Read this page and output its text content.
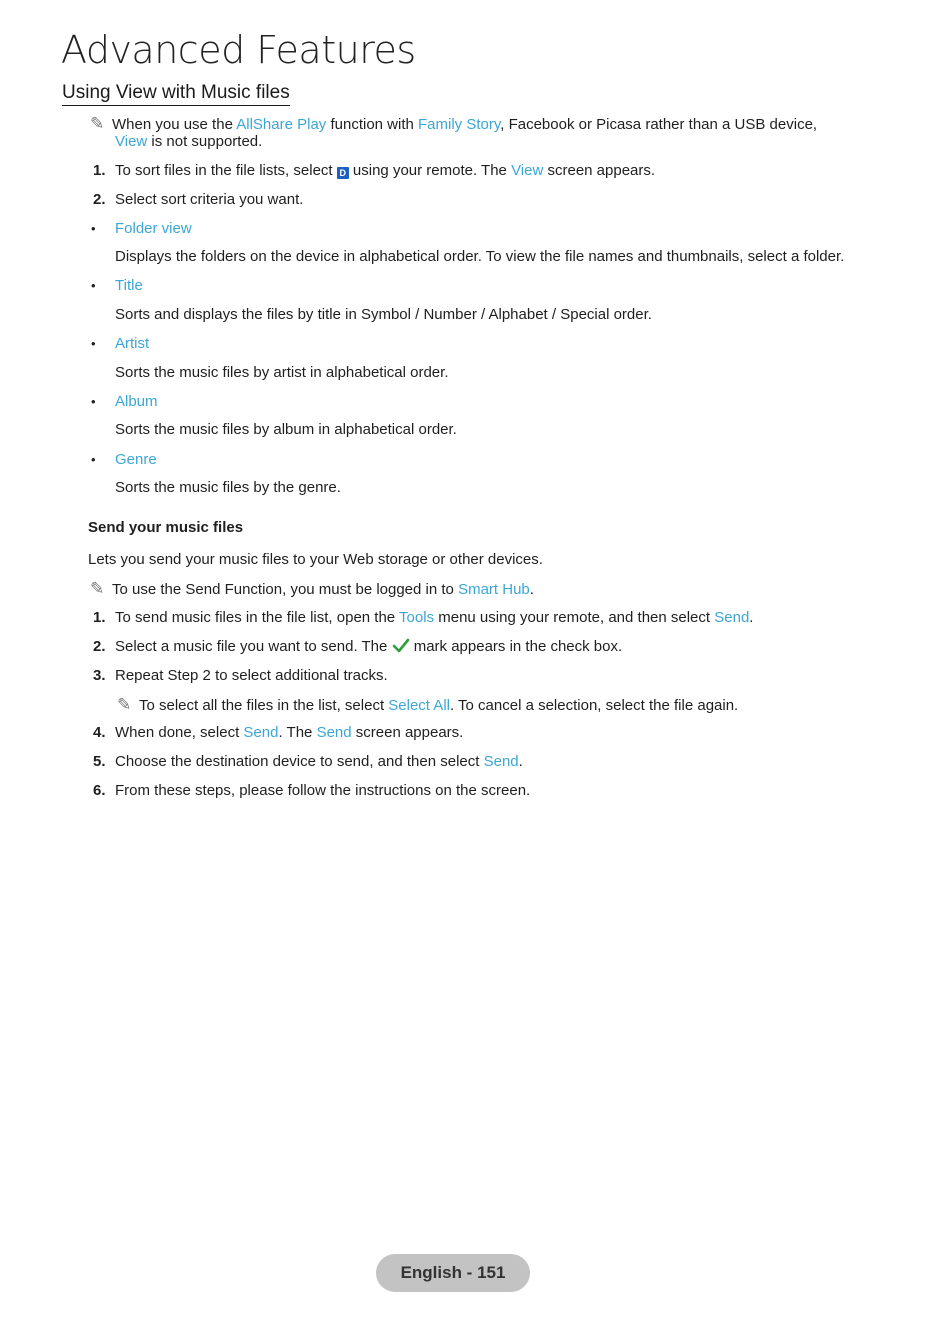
Advanced Features
Using View with Music files
✎ When you use the AllShare Play function with Family Story, Facebook or Picasa rather than a USB device,
View is not supported.
1. To sort files in the file lists, select D using your remote. The View screen appears.
2. Select sort criteria you want.
• Folder view
Displays the folders on the device in alphabetical order. To view the file names and thumbnails, select a folder.
• Title
Sorts and displays the files by title in Symbol / Number / Alphabet / Special order.
• Artist
Sorts the music files by artist in alphabetical order.
• Album
Sorts the music files by album in alphabetical order.
• Genre
Sorts the music files by the genre.
Send your music files
Lets you send your music files to your Web storage or other devices.
✎ To use the Send Function, you must be logged in to Smart Hub.
1. To send music files in the file list, open the Tools menu using your remote, and then select Send.
2. Select a music file you want to send. The  mark appears in the check box.
3. Repeat Step 2 to select additional tracks.
✎ To select all the files in the list, select Select All. To cancel a selection, select the file again.
4. When done, select Send. The Send screen appears.
5. Choose the destination device to send, and then select Send.
6. From these steps, please follow the instructions on the screen.
English - 151
